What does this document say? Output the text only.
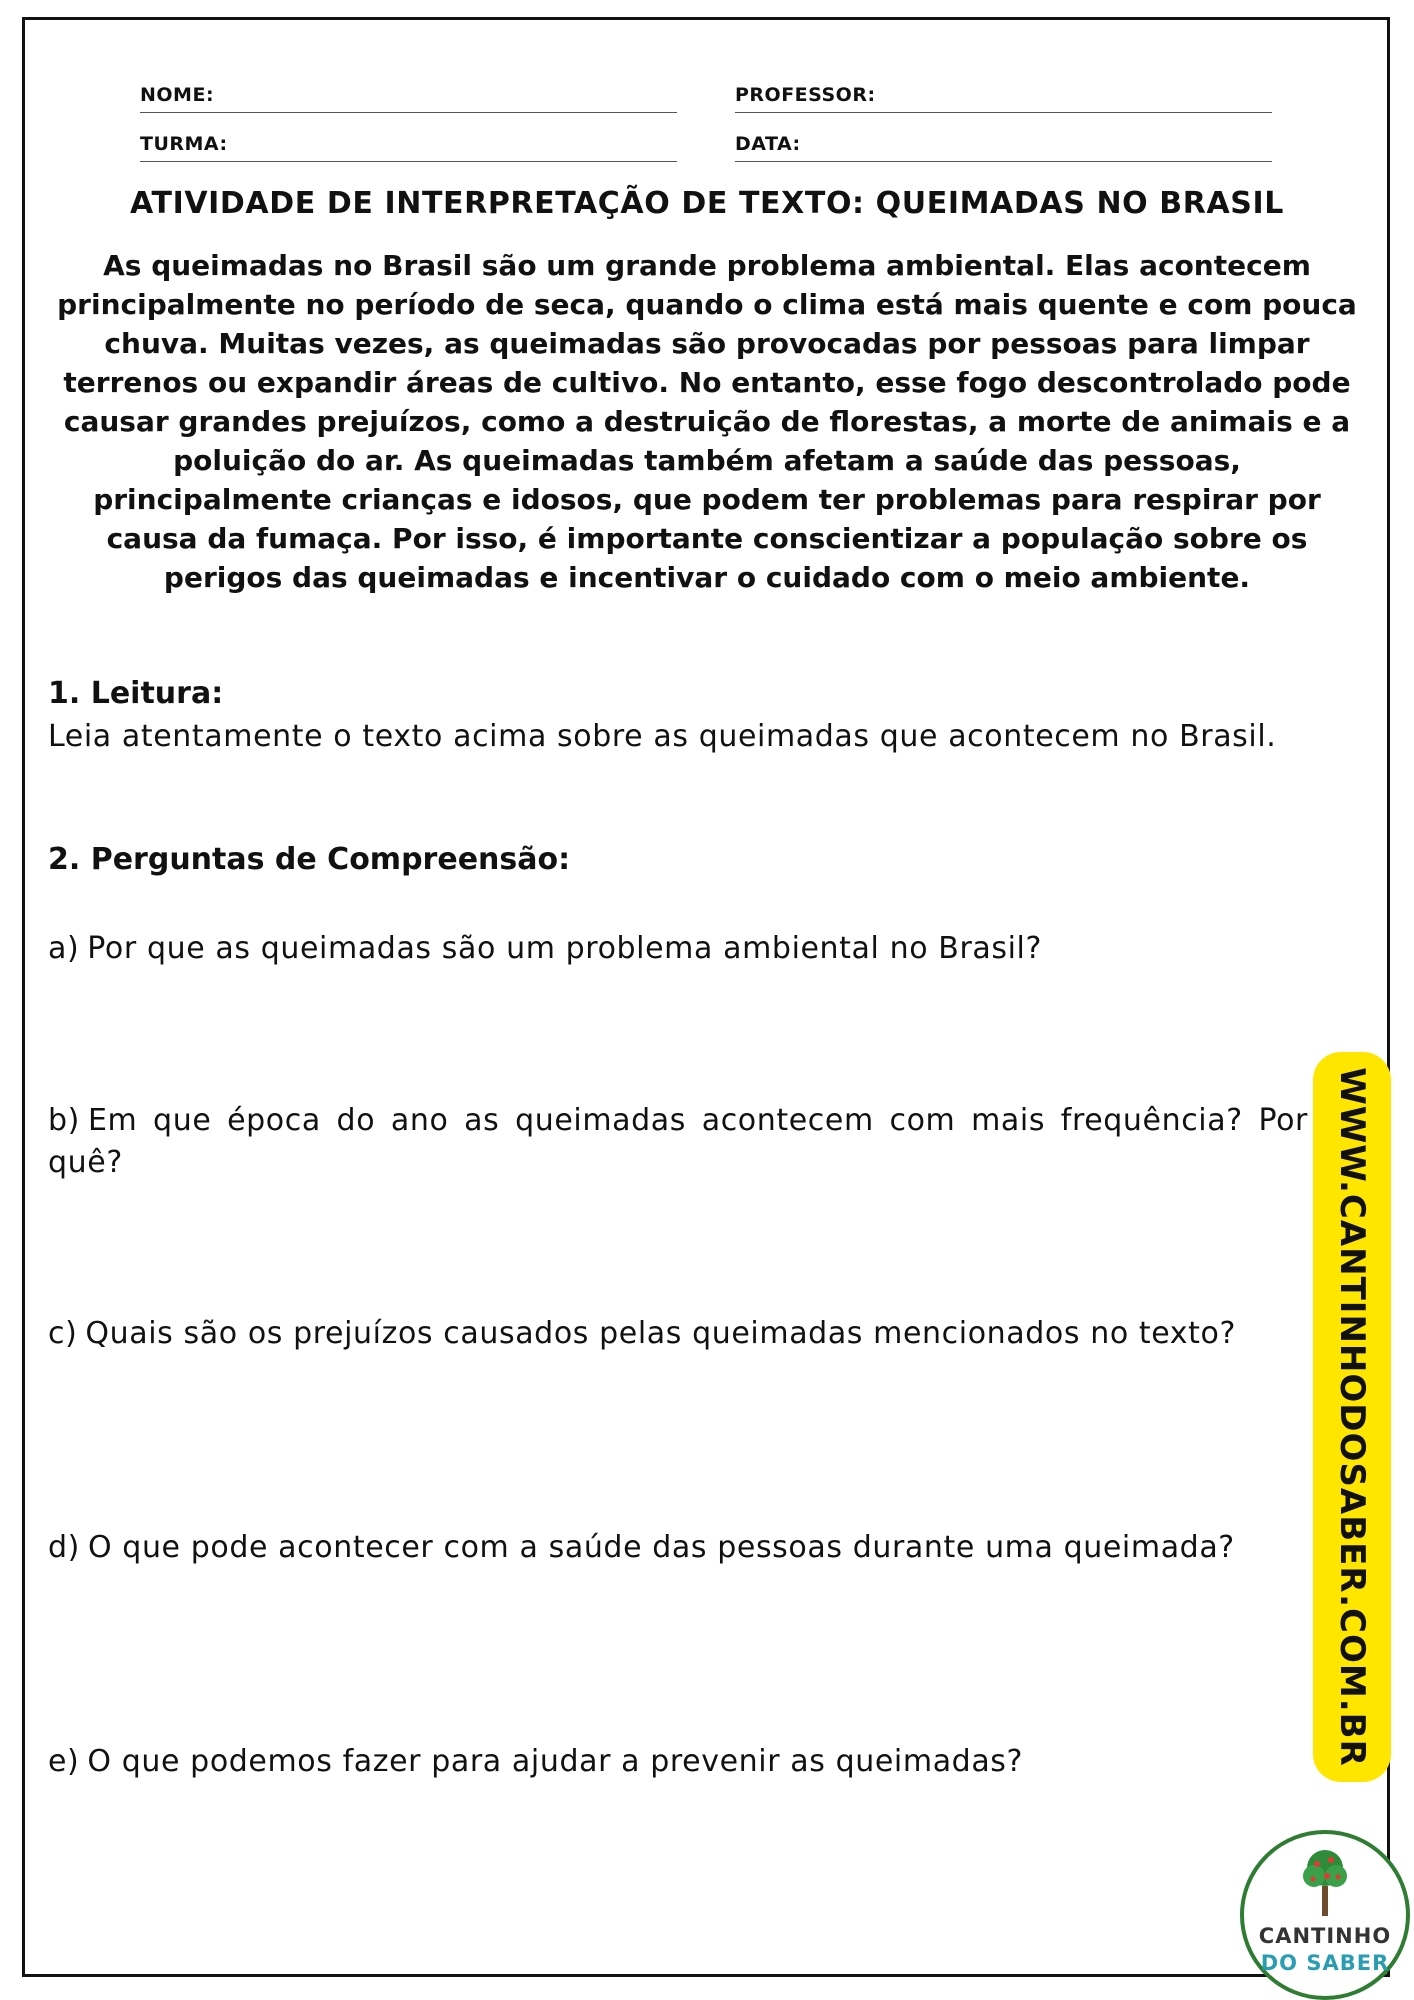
NOME:	PROFESSOR:
TURMA:	DATA:
ATIVIDADE DE INTERPRETAÇÃO DE TEXTO: QUEIMADAS NO BRASIL
As queimadas no Brasil são um grande problema ambiental. Elas acontecem principalmente no período de seca, quando o clima está mais quente e com pouca chuva. Muitas vezes, as queimadas são provocadas por pessoas para limpar terrenos ou expandir áreas de cultivo. No entanto, esse fogo descontrolado pode causar grandes prejuízos, como a destruição de florestas, a morte de animais e a poluição do ar. As queimadas também afetam a saúde das pessoas, principalmente crianças e idosos, que podem ter problemas para respirar por causa da fumaça. Por isso, é importante conscientizar a população sobre os perigos das queimadas e incentivar o cuidado com o meio ambiente.
1. Leitura:
Leia atentamente o texto acima sobre as queimadas que acontecem no Brasil.
2. Perguntas de Compreensão:
a) Por que as queimadas são um problema ambiental no Brasil?
b) Em que época do ano as queimadas acontecem com mais frequência? Por quê?
c) Quais são os prejuízos causados pelas queimadas mencionados no texto?
d) O que pode acontecer com a saúde das pessoas durante uma queimada?
e) O que podemos fazer para ajudar a prevenir as queimadas?	WWW.CANTINHODOSABER.COM.BR
CANTINHO
DO SABER
